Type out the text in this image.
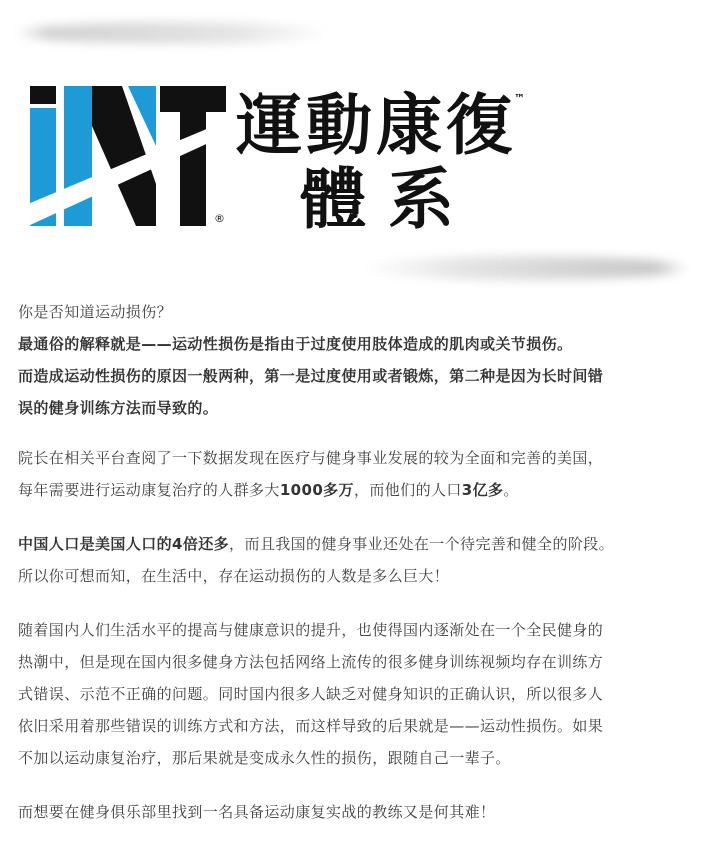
®
運動康復
™
體系

你是否知道运动损伤？
最通俗的解释就是——运动性损伤是指由于过度使用肢体造成的肌肉或关节损伤。
而造成运动性损伤的原因一般两种，第一是过度使用或者锻炼，第二种是因为长时间错
误的健身训练方法而导致的。

院长在相关平台查阅了一下数据发现在医疗与健身事业发展的较为全面和完善的美国，
每年需要进行运动康复治疗的人群多大1000多万，而他们的人口3亿多。

中国人口是美国人口的4倍还多，而且我国的健身事业还处在一个待完善和健全的阶段。
所以你可想而知，在生活中，存在运动损伤的人数是多么巨大！

随着国内人们生活水平的提高与健康意识的提升，也使得国内逐渐处在一个全民健身的
热潮中，但是现在国内很多健身方法包括网络上流传的很多健身训练视频均存在训练方
式错误、示范不正确的问题。同时国内很多人缺乏对健身知识的正确认识，所以很多人
依旧采用着那些错误的训练方式和方法，而这样导致的后果就是——运动性损伤。如果
不加以运动康复治疗，那后果就是变成永久性的损伤，跟随自己一辈子。

而想要在健身俱乐部里找到一名具备运动康复实战的教练又是何其难！
